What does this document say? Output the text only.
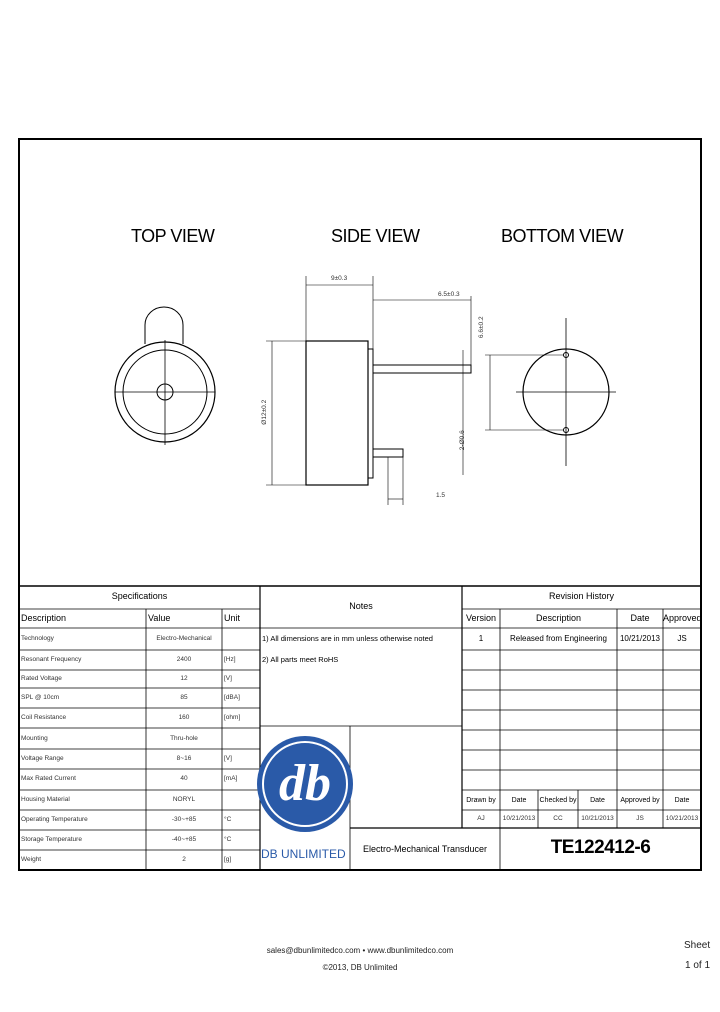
db
TOP VIEW	SIDE VIEW	BOTTOM VIEW
9±0.3
6.5±0.3
Ø12±0.2
6.6±0.2
2-Ø0.6
1.5
Specifications
Description	Value	Unit
Technology	Electro-Mechanical
Resonant Frequency	2400	[Hz]
Rated Voltage	12	[V]
SPL @ 10cm	85	[dBA]
Coil Resistance	160	[ohm]
Mounting	Thru-hole
Voltage Range	8~16	[V]
Max Rated Current	40	[mA]
Housing Material	NORYL
Operating Temperature	-30~+85	°C
Storage Temperature	-40~+85	°C
Weight	2	[g]
Notes
1) All dimensions are in mm unless otherwise noted
2) All parts meet RoHS
DB UNLIMITED
Revision History
Version	Description	Date	Approved
1	Released from Engineering	10/21/2013	JS
Drawn by	Date	Checked by	Date	Approved by	Date
AJ	10/21/2013	CC	10/21/2013	JS	10/21/2013
Electro-Mechanical Transducer	TE122412-6
sales@dbunlimitedco.com • www.dbunlimitedco.com
©2013, DB Unlimited
Sheet
1 of 1
